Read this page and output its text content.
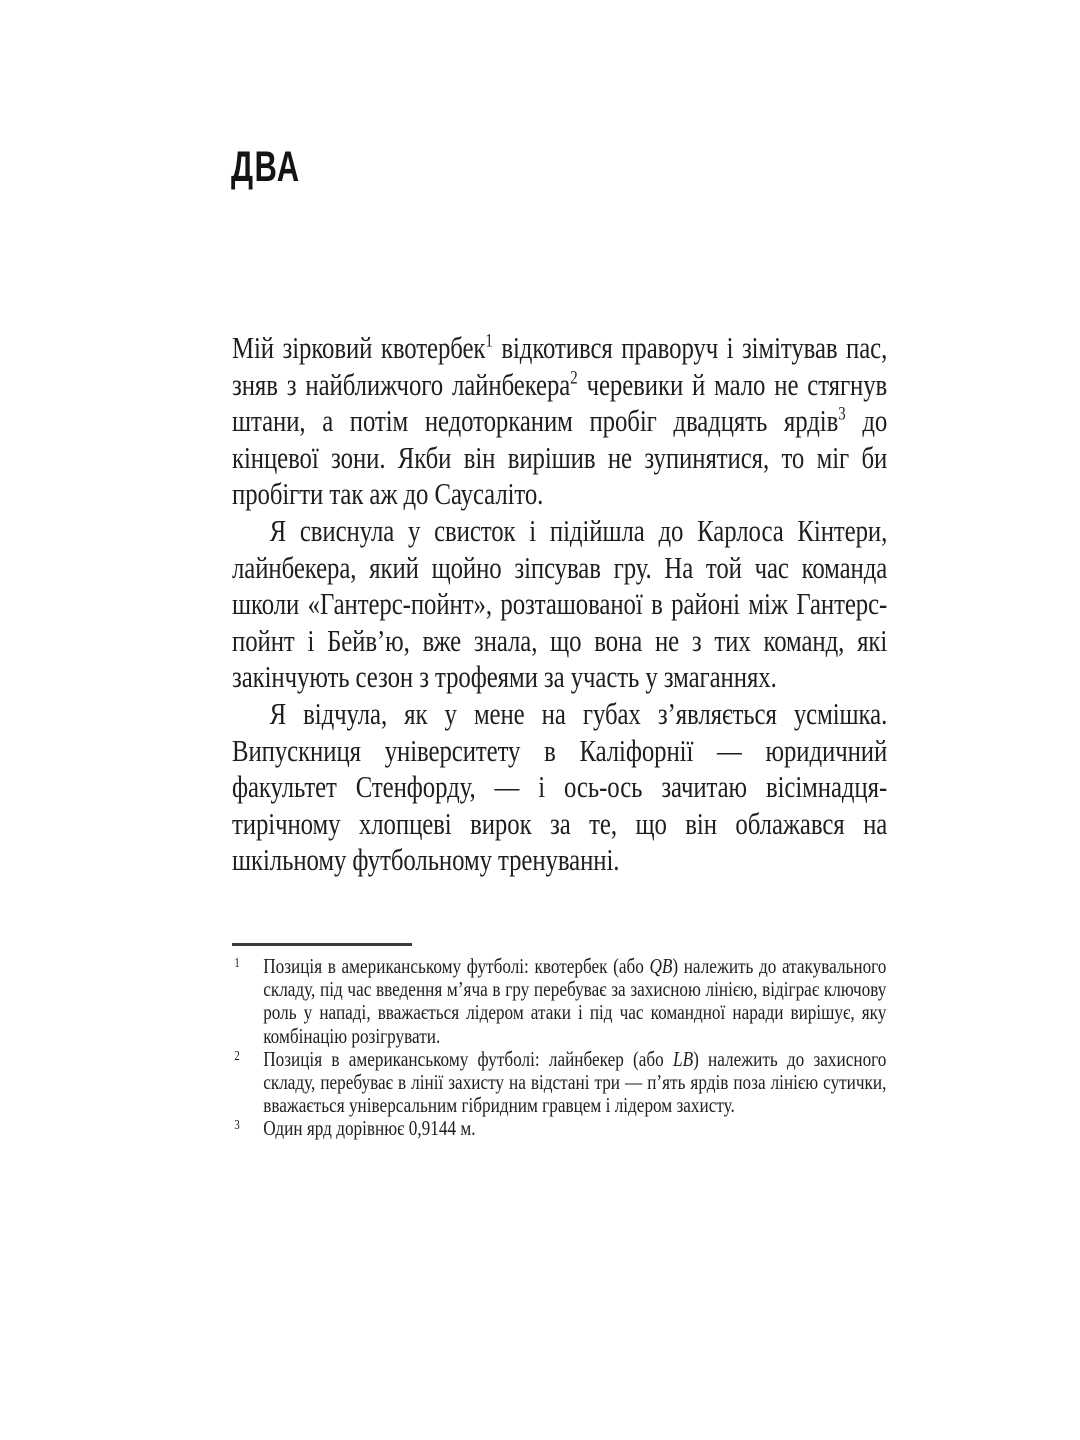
ДВА

Мій зірковий квотербек$^1$ відкотився праворуч і зімітував пас, зняв з найближчого лайнбекера$^2$ черевики й мало не стягнув штани, а потім недоторканим пробіг двадцять ярдів$^3$ до кінцевої зони. Якби він вирішив не зупинятися, то міг би пробігти так аж до Саусаліто.

Я свиснула у свисток і підійшла до Карлоса Кінтери, лайнбекера, який щойно зіпсував гру. На той час команда школи «Гантерс-пойнт», розташованої в районі між Гантерс-пойнт і Бейв’ю, вже знала, що вона не з тих команд, які закінчують сезон з трофеями за участь у змаганнях.

Я відчула, як у мене на губах з’являється усмішка. Випускниця університету в Каліфорнії — юридичний факультет Стенфорду, — і ось-ось зачитаю вісімнадцятирічному хлопцеві вирок за те, що він облажався на шкільному футбольному тренуванні.

1 Позиція в американському футболі: квотербек (або QB) належить до атакувального складу, під час введення м’яча в гру перебуває за захисною лінією, відіграє ключову роль у нападі, вважається лідером атаки і під час командної наради вирішує, яку комбінацію розігрувати.
2 Позиція в американському футболі: лайнбекер (або LB) належить до захисного складу, перебуває в лінії захисту на відстані три — п’ять ярдів поза лінією сутички, вважається універсальним гібридним гравцем і лідером захисту.
3 Один ярд дорівнює 0,9144 м.
